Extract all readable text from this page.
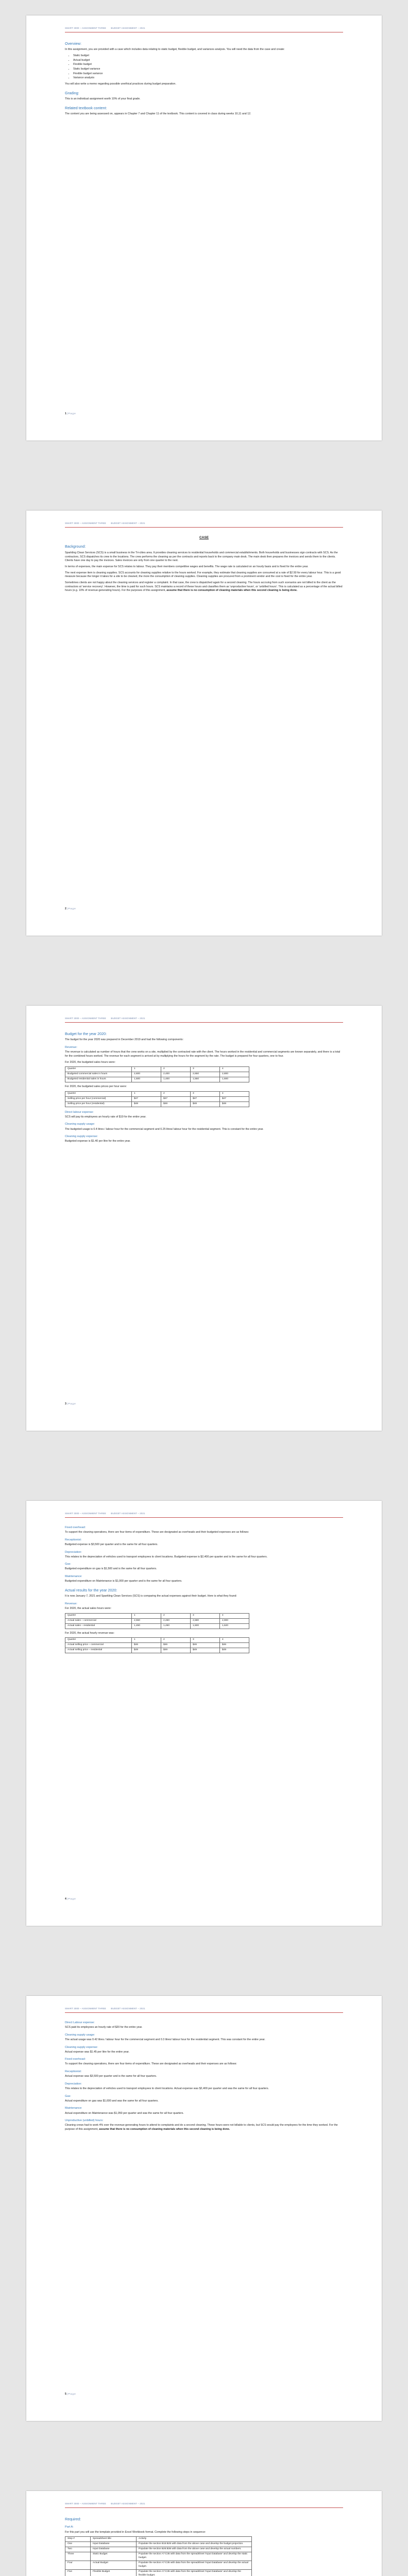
SMART 3000 – ASSIGNMENT THREE BUDGET ASSIGNMENT – 2021
Overview:

In this assignment, you are provided with a case which includes data relating to static budget, flexible budget, and variances analysis. You will need the data from the case and create:

• Static budget
• Actual budget
• Flexible budget
• Static budget variance
• Flexible budget variance
• Variance analysis

You will also write a memo regarding possible unethical practices during budget preparation.

Grading:

This is an individual assignment worth 10% of your final grade.

Related textbook content:

The content you are being assessed on, appears in Chapter 7 and Chapter 11 of the textbook. This content is covered in class during weeks 10,11 and 12.

1 | P a g e
SMART 3000 – ASSIGNMENT THREE BUDGET ASSIGNMENT – 2021
CASE
Background:

Sparkling Clean Services (SCS) is a small business in the Tri-cities area. It provides cleaning services to residential households and commercial establishments. Both households and businesses sign contracts with SCS. As the contractors, SCS dispatches its crew to the locations. The crew performs the cleaning as per the contracts and reports back to the company main desk. The main desk then prepares the invoices and sends them to the clients. Clients have one day to pay the invoices. Sales invoices are only from one quarter to the next.

In terms of expenses, the main expense for SCS relates to labour. They pay their members competitive wages and benefits. The wage rate is calculated on an hourly basis and is fixed for the entire year.

The next expense item is cleaning supplies. SCS accounts for cleaning supplies relative to the hours worked. For example, they estimate that cleaning supplies are consumed at a rate of $2.50 for every labour hour. This is a good measure because the longer it takes for a site to be cleaned, the more the consumption of cleaning supplies. Cleaning supplies are procured from a prominent vendor and the cost is fixed for the entire year.

Sometimes clients are not happy about the cleaning services and register a complaint. In that case, the crew is dispatched again for a second cleaning. The hours accruing from such scenarios are not billed to the client as the contractors at 'service recovery'. However, the time is paid for such hours. SCS maintains a record of these hours and classifies them as 'unproductive hours', or 'unbilled hours'. This is calculated as a percentage of the actual billed hours (e.g. 10% of revenue-generating hours). For the purposes of this assignment, assume that there is no consumption of cleaning materials when this second cleaning is being done.

2 | P a g e
SMART 3000 – ASSIGNMENT THREE BUDGET ASSIGNMENT – 2021
Budget for the year 2020:

The budget for the year 2020 was prepared in December 2019 and had the following components:

Revenue:

The revenue is calculated as number of hours that the crew works on a site, multiplied by the contracted rate with the client. The hours worked in the residential and commercial segments are known separately, and there is a total for the combined hours worked. The revenue for each segment is arrived at by multiplying the hours for the segment by the rate. The budget is prepared for four quarters, one to four.

For 2020, the budgeted sales hours were:

Quarter	1	2	3	4
Budgeted commercial sales in hours	2,600	2,400	2,650	2,800
Budgeted residential sales in hours	1,500	1,400	1,550	1,600

For 2020, the budgeted sales prices per hour were:

Quarter	1	2	3	4
Selling price per hour (commercial)	$47	$47	$47	$47
Selling price per hour (residential)	$48	$48	$48	$48
Direct labour expense:

SCS will pay its employees an hourly rate of $19 for the entire year.

Cleaning supply usage:

The budgeted usage is 0.4 litres / labour hour for the commercial segment and 0.25 litres/ labour hour for the residential segment. This is constant for the entire year.

Cleaning supply expense:

Budgeted expense is $1.40 per litre for the entire year.

3 | P a g e
SMART 3000 – ASSIGNMENT THREE BUDGET ASSIGNMENT – 2021
Fixed overhead:

To support the cleaning operations, there are four items of expenditure. These are designated as overheads and their budgeted expenses are as follows:

Receptionist:

Budgeted expense is $3,500 per quarter and is the same for all four quarters.

Depreciation:

This relates to the depreciation of vehicles used to transport employees to client locations. Budgeted expense is $2,400 per quarter and is the same for all four quarters.

Gas:

Budgeted expenditure on gas is $1,500 and is the same for all four quarters.

Maintenance:

Budgeted expenditure on Maintenance is $1,000 per quarter and is the same for all four quarters.

Actual results for the year 2020:

It is now January 7, 2021 and Sparkling Clean Services (SCS) is comparing the actual expenses against their budget. Here is what they found:

Revenue:

For 2020, the actual sales hours were:

Quarter	1	2	3	4
Actual sales – commercial	2,550	2,460	2,580	2,900
Actual sales – residential	1,450	1,450	1,500	1,620

For 2020, the actual hourly revenue was:

Quarter	1	2	3	4
Actual selling price – commercial	$46	$46	$46	$46
Actual selling price – residential	$49	$49	$49	$49
4 | P a g e
SMART 3000 – ASSIGNMENT THREE BUDGET ASSIGNMENT – 2021
Direct Labour expense:

SCS paid its employees an hourly rate of $20 for the entire year.

Cleaning supply usage:

The actual usage was 0.42 litres / labour hour for the commercial segment and 0.3 litres/ labour hour for the residential segment. This was constant for the entire year.

Cleaning supply expense:

Actual expense was $1.45 per litre for the entire year.

Fixed overhead:

To support the cleaning operations, there are four items of expenditure. These are designated as overheads and their expenses are as follows:

Receptionist:

Actual expense was $3,500 per quarter and is the same for all four quarters.

Depreciation:

This relates to the depreciation of vehicles used to transport employees to client locations. Actual expense was $2,400 per quarter and was the same for all four quarters.

Gas:

Actual expenditure on gas was $1,600 and was the same for all four quarters.

Maintenance:

Actual expenditure on Maintenance was $1,050 per quarter and was the same for all four quarters.

Unproductive (unbilled) hours:

Cleaning crews had to work 4% over the revenue-generating hours to attend to complaints and do a second cleaning. These hours were not billable to clients, but SCS would pay the employees for the time they worked. For the purpose of this assignment, assume that there is no consumption of cleaning materials when this second cleaning is being done.

5 | P a g e
SMART 3000 – ASSIGNMENT THREE BUDGET ASSIGNMENT – 2021
Required:
Part A:

For this part you will use the template provided in Excel Workbook format. Complete the following steps in sequence:

Step #	Spreadsheet title	Activity
One	Input Database	Populate the section B15:B25 with data from the above case and develop the budget projection.
Two	Input Database	Populate the section B26:B36 with data from the above case and develop the actual numbers.
Three	Static Budget	Populate the section A7:C35 with data from the spreadsheet 'Input Database' and develop the static budget.
Four	Actual Budget	Populate the section A7:C35 with data from the spreadsheet 'Input Database' and develop the actual budget.
Five	Flexible Budget	Populate the section A7:C35 with data from the spreadsheet 'Input Database' and develop the flexible budget.
